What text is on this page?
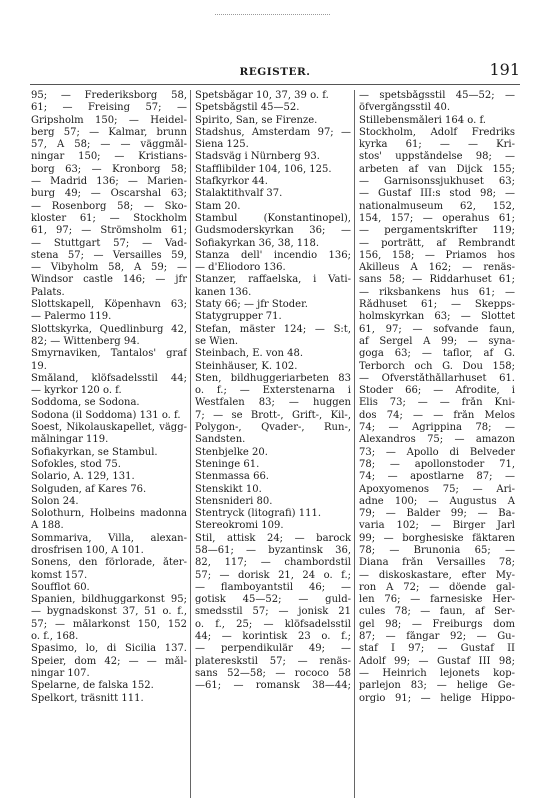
REGISTER.	191
95; — Frederiksborg 58,
61; — Freising 57; —
Gripsholm 150; — Heidel-
berg 57; — Kalmar, brunn
57, A 58; — — väggmål-
ningar 150; — Kristians-
borg 63; — Kronborg 58;
— Madrid 136; — Marien-
burg 49; — Oscarshal 63;
— Rosenborg 58; — Sko-
kloster 61; — Stockholm
61, 97; — Strömsholm 61;
— Stuttgart 57; — Vad-
stena 57; — Versailles 59,
— Vibyholm 58, A 59; —
Windsor castle 146; — jfr
Palats.
Slottskapell, Köpenhavn 63;
— Palermo 119.
Slottskyrka, Quedlinburg 42,
82; — Wittenberg 94.
Smyrnaviken, Tantalos' graf
19.
Småland, klöfsadelsstil 44;
— kyrkor 120 o. f.
Soddoma, se Sodona.
Sodona (il Soddoma) 131 o. f.
Soest, Nikolauskapellet, vägg-
målningar 119.
Sofiakyrkan, se Stambul.
Sofokles, stod 75.
Solario, A. 129, 131.
Solguden, af Kares 76.
Solon 24.
Solothurn, Holbeins madonna
A 188.
Sommariva, Villa, alexan-
drosfrisen 100, A 101.
Sonens, den förlorade, åter-
komst 157.
Soufflot 60.
Spanien, bildhuggarkonst 95;
— bygnadskonst 37, 51 o. f.,
57; — målarkonst 150, 152
o. f., 168.
Spasimo, lo, di Sicilia 137.
Speier, dom 42; — — mål-
ningar 107.
Spelarne, de falska 152.
Spelkort, träsnitt 111.
Spetsbågar 10, 37, 39 o. f.
Spetsbågstil 45—52.
Spirito, San, se Firenze.
Stadshus, Amsterdam 97; —
Siena 125.
Stadsväg i Nürnberg 93.
Stafflibilder 104, 106, 125.
Stafkyrkor 44.
Stalaktithvalf 37.
Stam 20.
Stambul (Konstantinopel),
Gudsmoderskyrkan 36; —
Sofiakyrkan 36, 38, 118.
Stanza dell' incendio 136;
— d'Eliodoro 136.
Stanzer, raffaelska, i Vati-
kanen 136.
Staty 66; — jfr Stoder.
Statygrupper 71.
Stefan, mäster 124; — S:t,
se Wien.
Steinbach, E. von 48.
Steinhäuser, K. 102.
Sten, bildhuggeriarbeten 83
o. f.; — Exterstenarna i
Westfalen 83; — huggen
7; — se Brott-, Grift-, Kil-,
Polygon-, Qvader-, Run-,
Sandsten.
Stenbjelke 20.
Steninge 61.
Stenmassa 66.
Stenskikt 10.
Stensnideri 80.
Stentryck (litografi) 111.
Stereokromi 109.
Stil, attisk 24; — barock
58—61; — byzantinsk 36,
82, 117; — chambordstil
57; — dorisk 21, 24 o. f.;
— flamboyantstil 46; —
gotisk 45—52; — guld-
smedsstil 57; — jonisk 21
o. f., 25; — klöfsadelsstil
44; — korintisk 23 o. f.;
— perpendikulär 49; —
platereskstil 57; — renäs-
sans 52—58; — rococo 58
—61; — romansk 38—44;
— spetsbågsstil 45—52; —
öfvergångsstil 40.
Stillebensmåleri 164 o. f.
Stockholm, Adolf Fredriks
kyrka 61; — — Kri-
stos' uppståndelse 98; —
arbeten af van Dijck 155;
— Garnisonssjukhuset 63;
— Gustaf III:s stod 98; —
nationalmuseum 62, 152,
154, 157; — operahus 61;
— pergamentskrifter 119;
— porträtt, af Rembrandt
156, 158; — Priamos hos
Akilleus A 162; — renäs-
sans 58; — Riddarhuset 61;
— riksbankens hus 61; —
Rådhuset 61; — Skepps-
holmskyrkan 63; — Slottet
61, 97; — sofvande faun,
af Sergel A 99; — syna-
goga 63; — taflor, af G.
Terborch och G. Dou 158;
— Öfverståthållarhuset 61.
Stoder 66; — Afrodite, i
Elis 73; — — från Kni-
dos 74; — — från Melos
74; — Agrippina 78; —
Alexandros 75; — amazon
73; — Apollo di Belveder
78; — apollonstoder 71,
74; — apostlarne 87; —
Apoxyomenos 75; — Ari-
adne 100; — Augustus A
79; — Balder 99; — Ba-
varia 102; — Birger Jarl
99; — borghesiske fäktaren
78; — Brunonia 65; —
Diana från Versailles 78;
— diskoskastare, efter My-
ron A 72; — döende gal-
len 76; — farnesiske Her-
cules 78; — faun, af Ser-
gel 98; — Freiburgs dom
87; — fångar 92; — Gu-
staf I 97; — Gustaf II
Adolf 99; — Gustaf III 98;
— Heinrich lejonets kop-
parlejon 83; — helige Ge-
orgio 91; — helige Hippo-
